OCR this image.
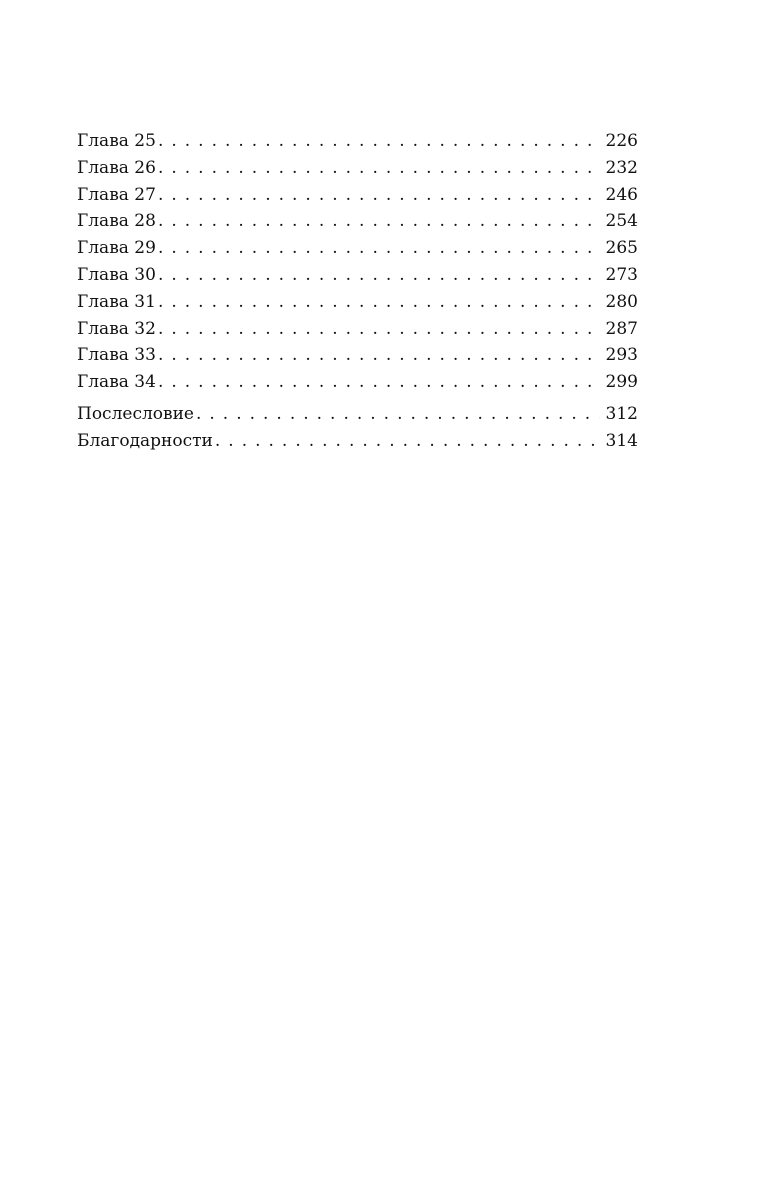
Глава 25 . . .	226
Глава 26 . . .	232
Глава 27 . . .	246
Глава 28 . . .	254
Глава 29 . . .	265
Глава 30 . . .	273
Глава 31 . . .	280
Глава 32 . . .	287
Глава 33 . . .	293
Глава 34 . . .	299
Послесловие . . .	312
Благодарности . . .	314
